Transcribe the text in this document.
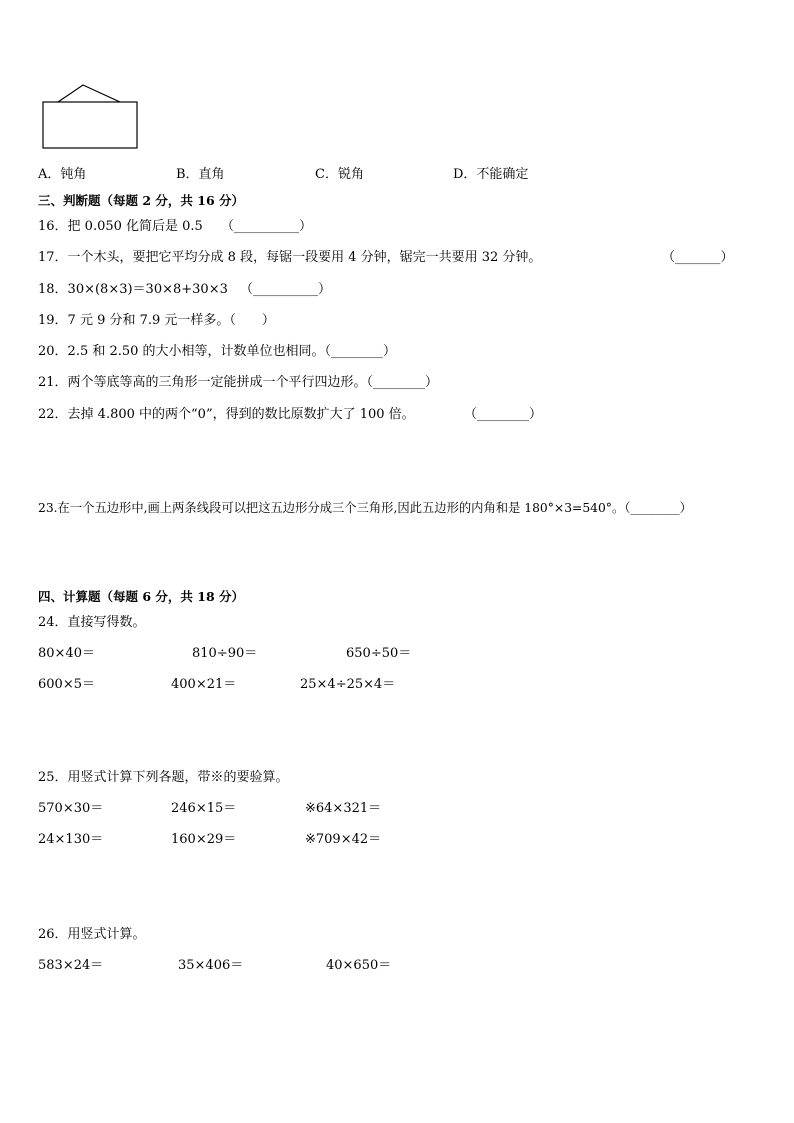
A．钝角	B．直角	C．锐角	D．不能确定
三、判断题（每题 2 分，共 16 分）
16．把 0.050 化简后是 0.5 （__________）
17．一个木头，要把它平均分成 8 段，每锯一段要用 4 分钟，锯完一共要用 32 分钟。	（_______）
18．30×(8×3)＝30×8+30×3 （__________）
19．7 元 9 分和 7.9 元一样多。（　　）
20．2.5 和 2.50 的大小相等，计数单位也相同。（________）
21．两个等底等高的三角形一定能拼成一个平行四边形。（________）
22．去掉 4.800 中的两个“0”，得到的数比原数扩大了 100 倍。	（________）
23.在一个五边形中,画上两条线段可以把这五边形分成三个三角形,因此五边形的内角和是 180°×3=540°。（________）
四、计算题（每题 6 分，共 18 分）
24．直接写得数。
80×40＝	810÷90＝	650÷50＝
600×5＝	400×21＝	25×4÷25×4＝
25．用竖式计算下列各题，带※的要验算。
570×30＝	246×15＝	※64×321＝
24×130＝	160×29＝	※709×42＝
26．用竖式计算。
583×24＝	35×406＝	40×650＝
